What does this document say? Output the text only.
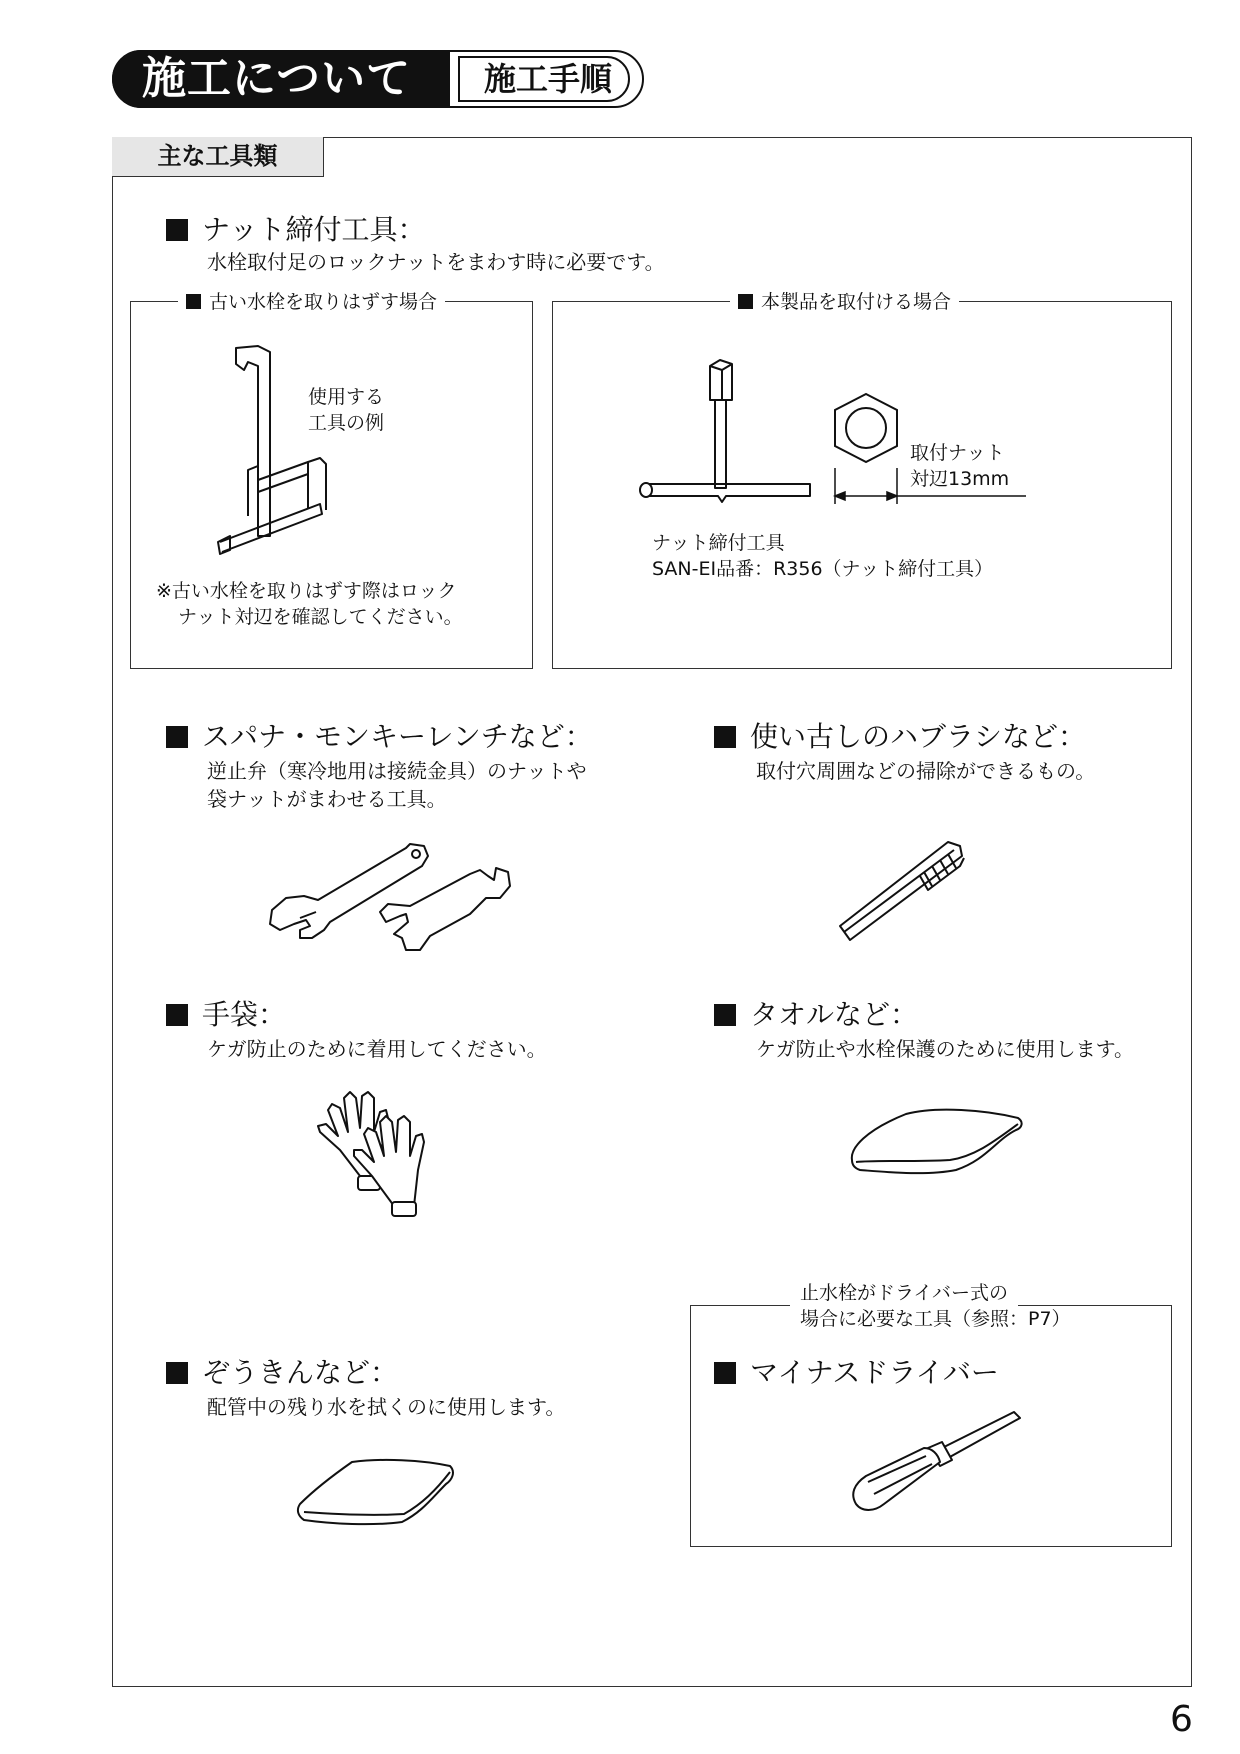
施工について	施工手順
主な工具類
ナット締付工具：
水栓取付足のロックナットをまわす時に必要です。
古い水栓を取りはずす場合
使用する
工具の例
※古い水栓を取りはずす際はロック
ナット対辺を確認してください。
本製品を取付ける場合
取付ナット
対辺13mm
ナット締付工具
SAN-EI品番：R356（ナット締付工具）
スパナ・モンキーレンチなど：
逆止弁（寒冷地用は接続金具）のナットや
袋ナットがまわせる工具。
使い古しのハブラシなど：
取付穴周囲などの掃除ができるもの。
手袋：
ケガ防止のために着用してください。
タオルなど：
ケガ防止や水栓保護のために使用します。
ぞうきんなど：
配管中の残り水を拭くのに使用します。
止水栓がドライバー式の
場合に必要な工具（参照：P7）
マイナスドライバー
6
